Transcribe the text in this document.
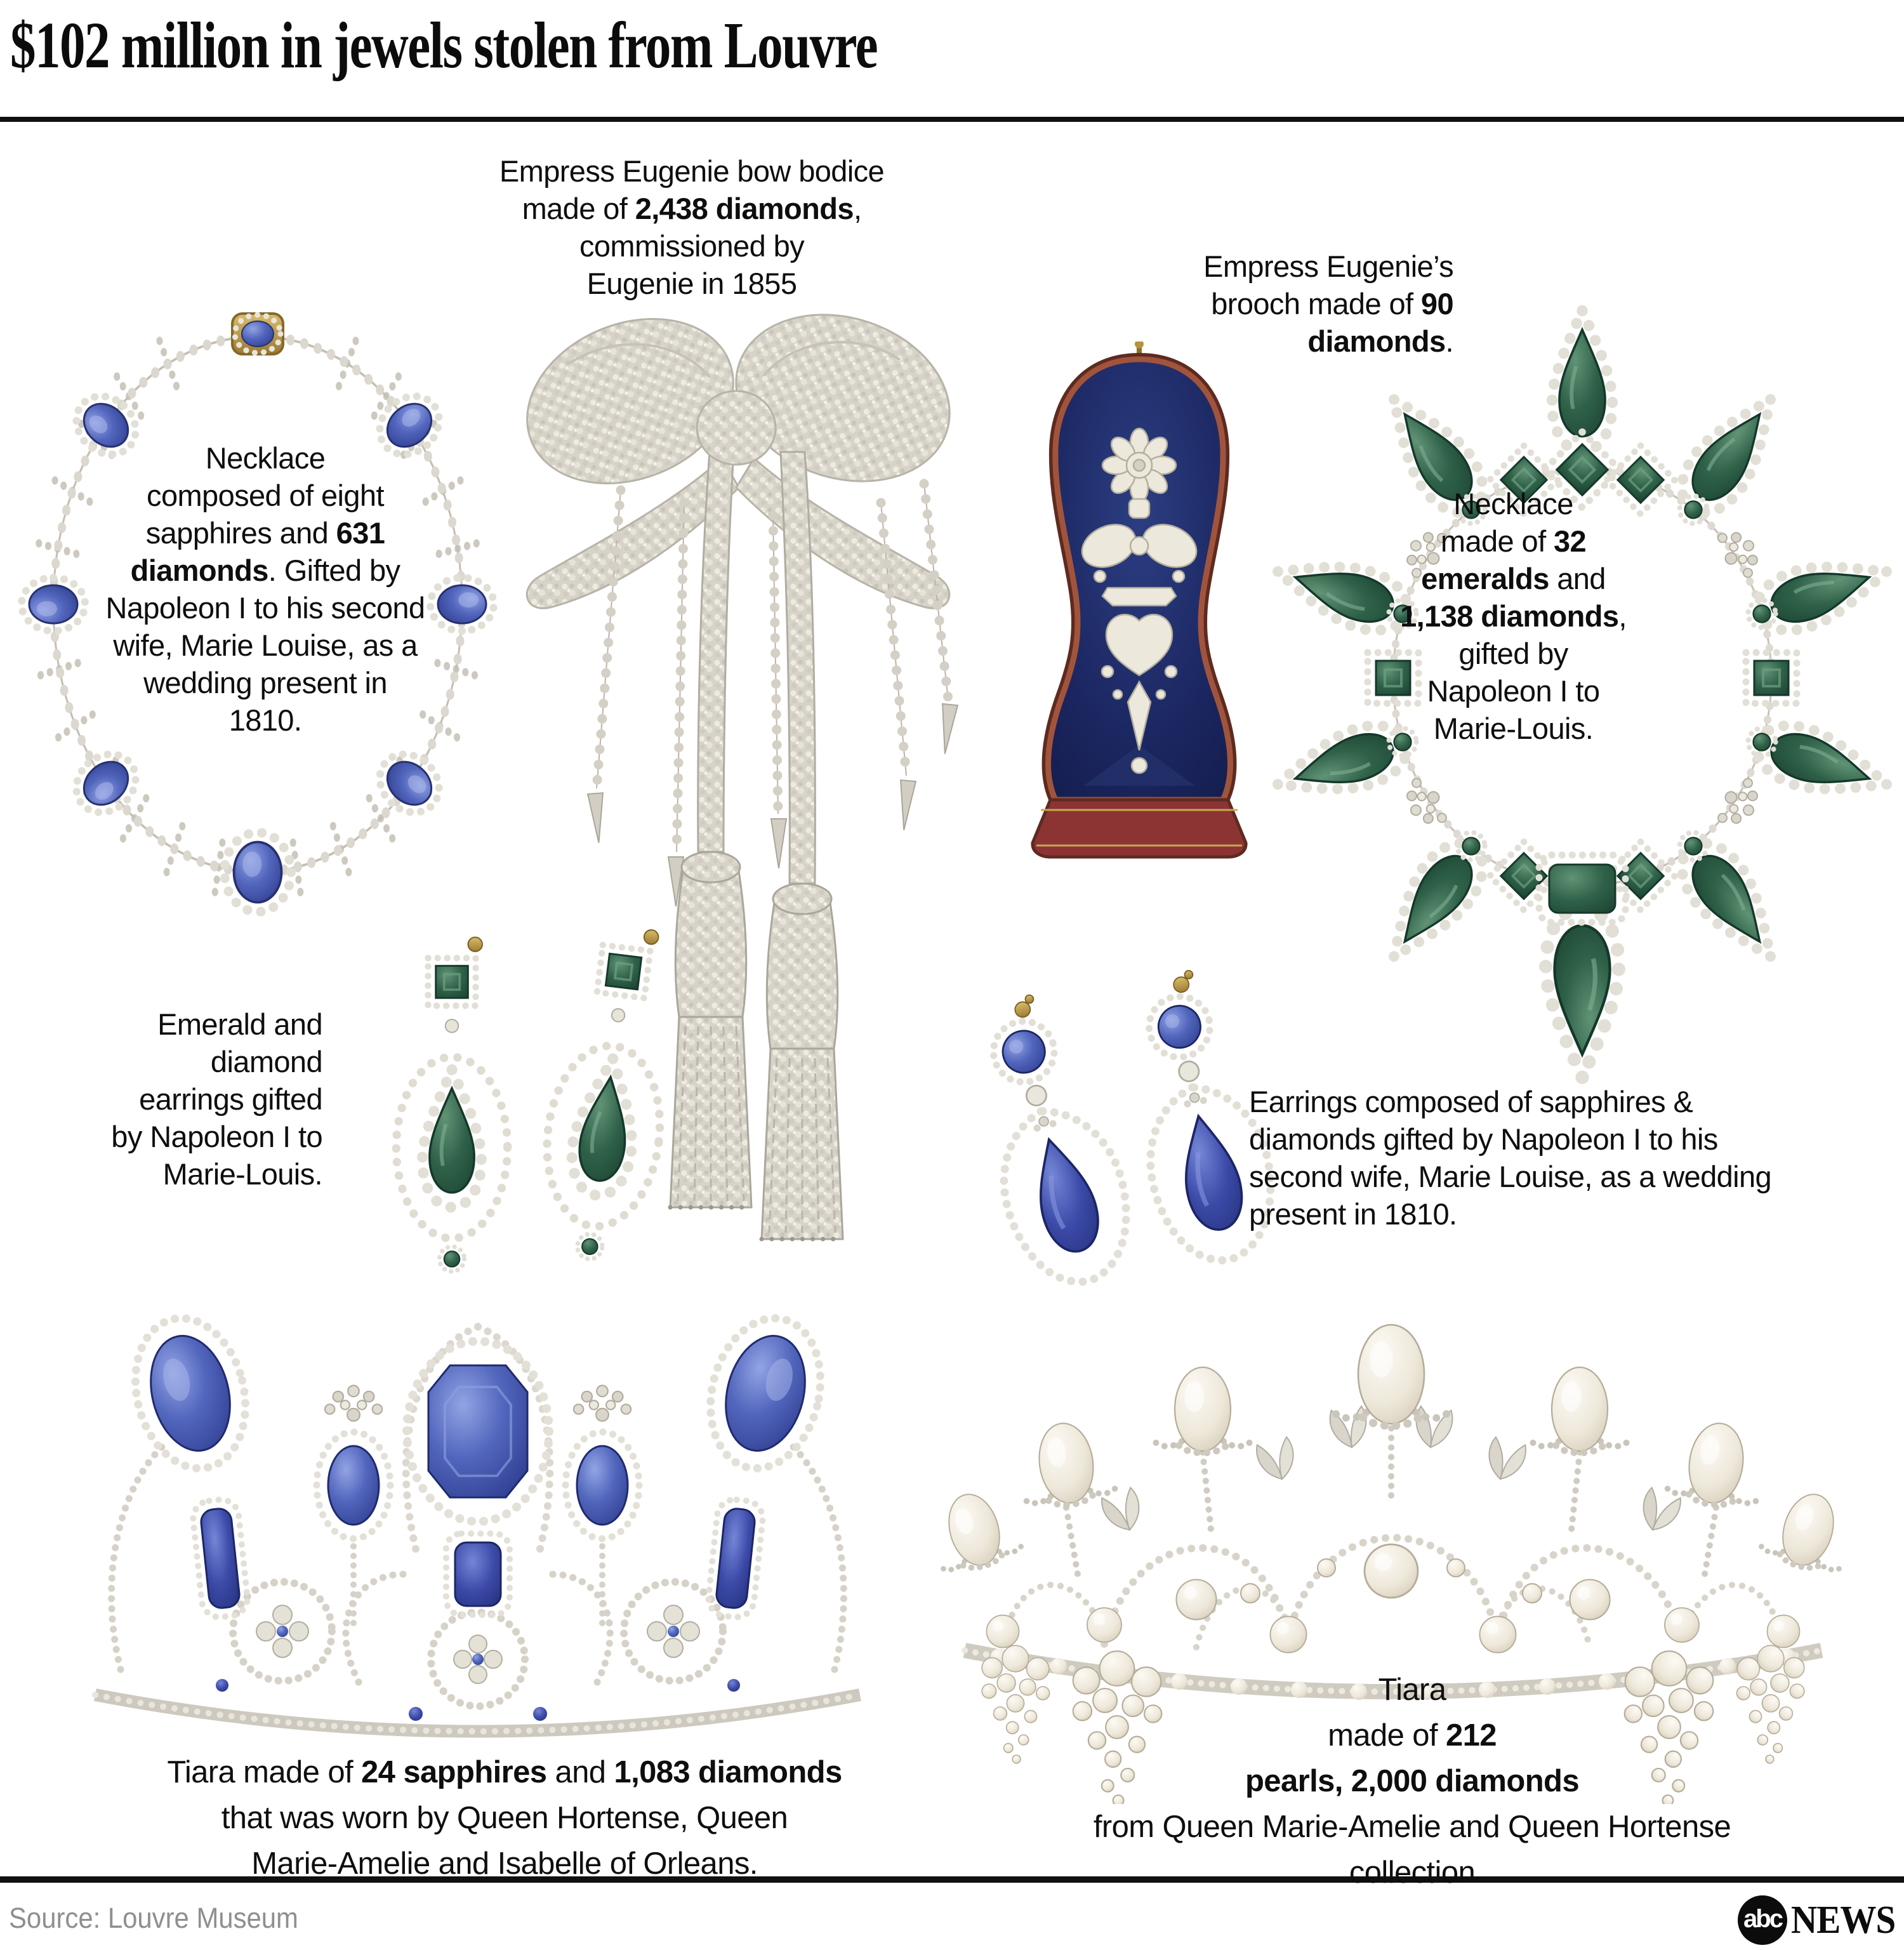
$102 million in jewels stolen from Louvre
Necklace
composed of eight
sapphires and 631
diamonds. Gifted by
Napoleon I to his second
wife, Marie Louise, as a
wedding present in
1810.
Empress Eugenie bow bodice
made of 2,438 diamonds,
commissioned by
Eugenie in 1855
Empress Eugenie’s
brooch made of 90
diamonds.
Necklace
made of 32
emeralds and
1,138 diamonds,
gifted by
Napoleon I to
Marie-Louis.
Emerald and
diamond
earrings gifted
by Napoleon I to
Marie-Louis.
Earrings composed of sapphires &
diamonds gifted by Napoleon I to his
second wife, Marie Louise, as a wedding
present in 1810.
Tiara made of 24 sapphires and 1,083 diamonds
that was worn by Queen Hortense, Queen
Marie-Amelie and Isabelle of Orleans.
Tiara
made of 212
pearls, 2,000 diamonds
from Queen Marie-Amelie and Queen Hortense
collection
Source: Louvre Museum	abc NEWS
